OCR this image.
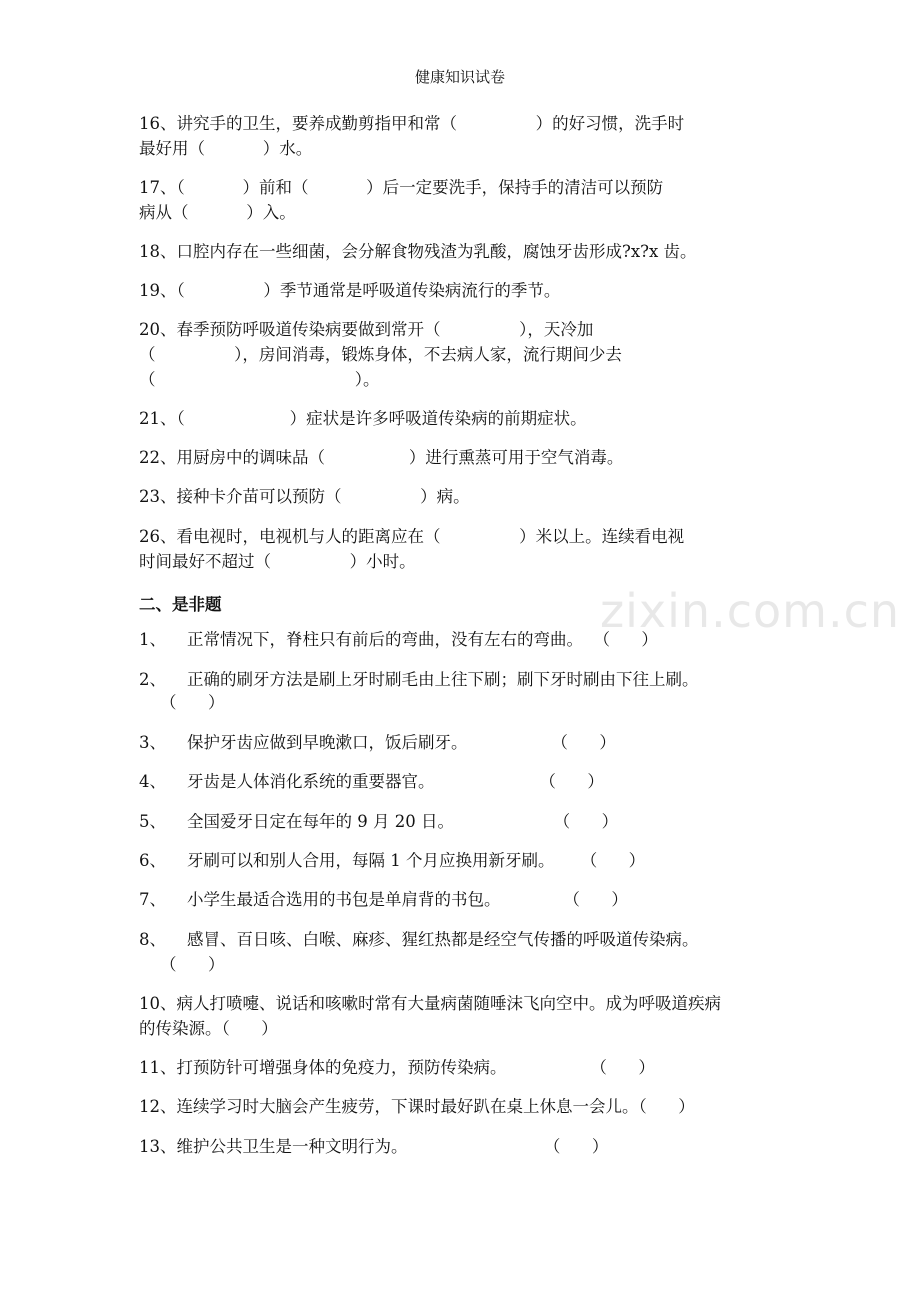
健康知识试卷
zixin.com.cn
16、讲究手的卫生，要养成勤剪指甲和常（               ）的好习惯，洗手时
最好用（           ）水。
17、（           ）前和（           ）后一定要洗手，保持手的清洁可以预防
病从（           ）入。
18、口腔内存在一些细菌，会分解食物残渣为乳酸，腐蚀牙齿形成?x?x 齿。
19、（               ）季节通常是呼吸道传染病流行的季节。
20、春季预防呼吸道传染病要做到常开（               ），天冷加
（               ），房间消毒，锻炼身体，不去病人家，流行期间少去
（                                      ）。
21、（                    ）症状是许多呼吸道传染病的前期症状。
22、用厨房中的调味品（                ）进行熏蒸可用于空气消毒。
23、接种卡介苗可以预防（               ）病。
26、看电视时，电视机与人的距离应在（               ）米以上。连续看电视
时间最好不超过（               ）小时。
二、是非题
1、    正常情况下，脊柱只有前后的弯曲，没有左右的弯曲。  （      ）
2、    正确的刷牙方法是刷上牙时刷毛由上往下刷；刷下牙时刷由下往上刷。
（      ）
3、    保护牙齿应做到早晚漱口，饭后刷牙。                （      ）
4、    牙齿是人体消化系统的重要器官。                    （      ）
5、    全国爱牙日定在每年的 9 月 20 日。                   （      ）
6、    牙刷可以和别人合用，每隔 1 个月应换用新牙刷。     （      ）
7、    小学生最适合选用的书包是单肩背的书包。            （      ）
8、    感冒、百日咳、白喉、麻疹、猩红热都是经空气传播的呼吸道传染病。
（      ）
10、病人打喷嚏、说话和咳嗽时常有大量病菌随唾沫飞向空中。成为呼吸道疾病
的传染源。（      ）
11、打预防针可增强身体的免疫力，预防传染病。                （      ）
12、连续学习时大脑会产生疲劳，下课时最好趴在桌上休息一会儿。（      ）
13、维护公共卫生是一种文明行为。                          （      ）
